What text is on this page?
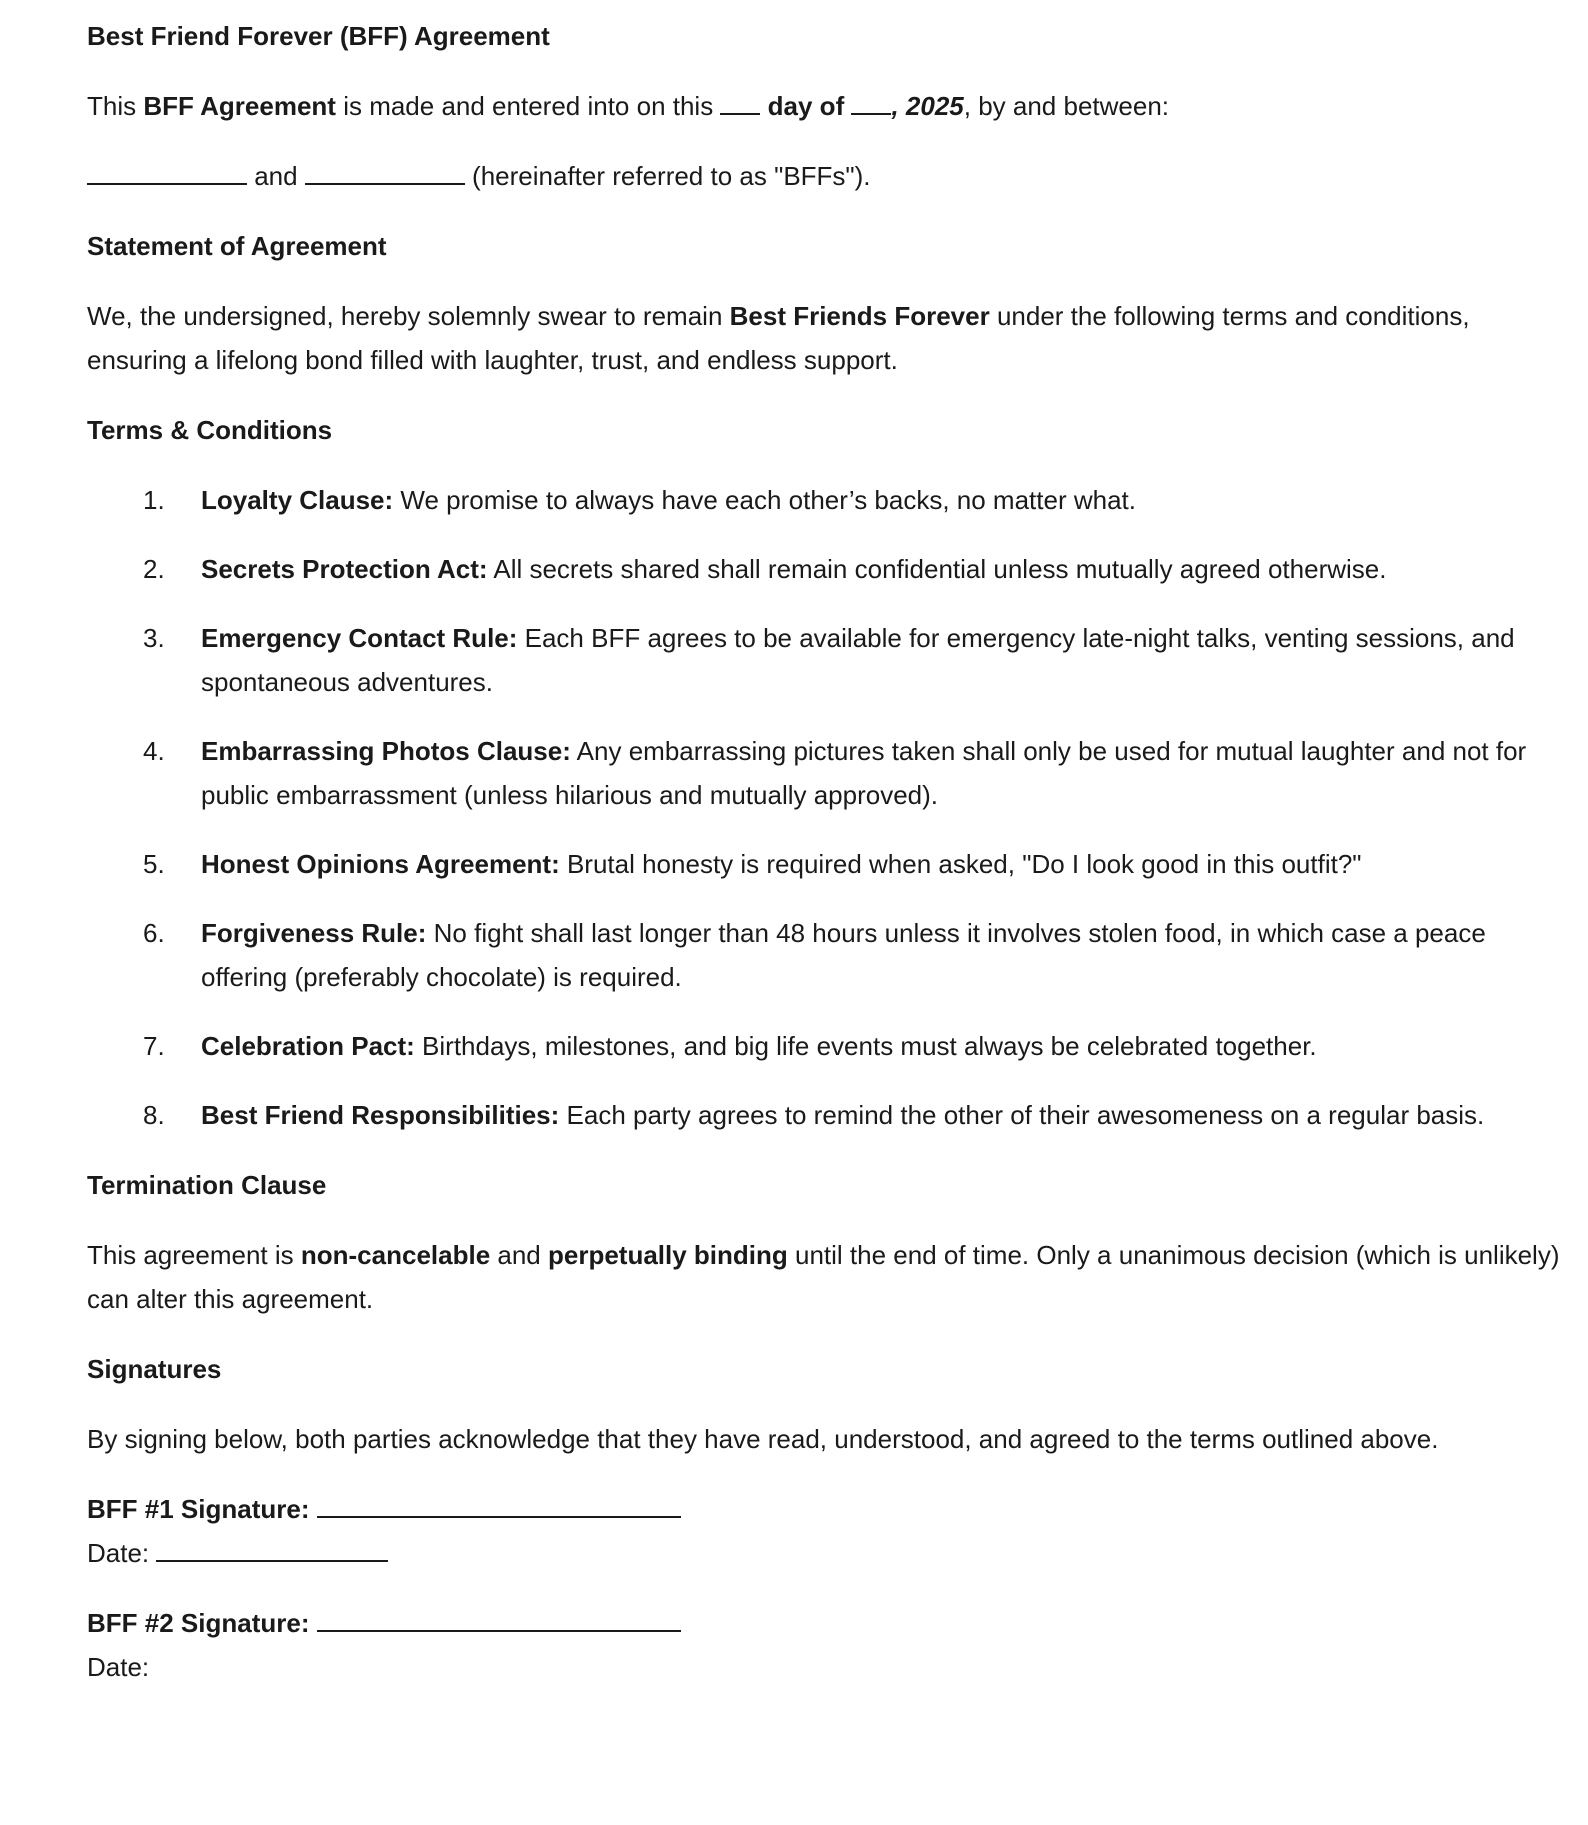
Best Friend Forever (BFF) Agreement

This BFF Agreement is made and entered into on this  day of , 2025, by and between:

and	(hereinafter referred to as "BFFs").

Statement of Agreement

We, the undersigned, hereby solemnly swear to remain Best Friends Forever under the following terms and conditions, ensuring a lifelong bond filled with laughter, trust, and endless support.

Terms & Conditions

1.	Loyalty Clause: We promise to always have each other’s backs, no matter what.
2.	Secrets Protection Act: All secrets shared shall remain confidential unless mutually agreed otherwise.
3.	Emergency Contact Rule: Each BFF agrees to be available for emergency late-night talks, venting sessions, and spontaneous adventures.
4.	Embarrassing Photos Clause: Any embarrassing pictures taken shall only be used for mutual laughter and not for public embarrassment (unless hilarious and mutually approved).
5.	Honest Opinions Agreement: Brutal honesty is required when asked, "Do I look good in this outfit?"
6.	Forgiveness Rule: No fight shall last longer than 48 hours unless it involves stolen food, in which case a peace offering (preferably chocolate) is required.
7.	Celebration Pact: Birthdays, milestones, and big life events must always be celebrated together.
8.	Best Friend Responsibilities: Each party agrees to remind the other of their awesomeness on a regular basis.

Termination Clause

This agreement is non-cancelable and perpetually binding until the end of time. Only a unanimous decision (which is unlikely) can alter this agreement.

Signatures

By signing below, both parties acknowledge that they have read, understood, and agreed to the terms outlined above.

BFF #1 Signature:
Date:
BFF #2 Signature:
Date:
